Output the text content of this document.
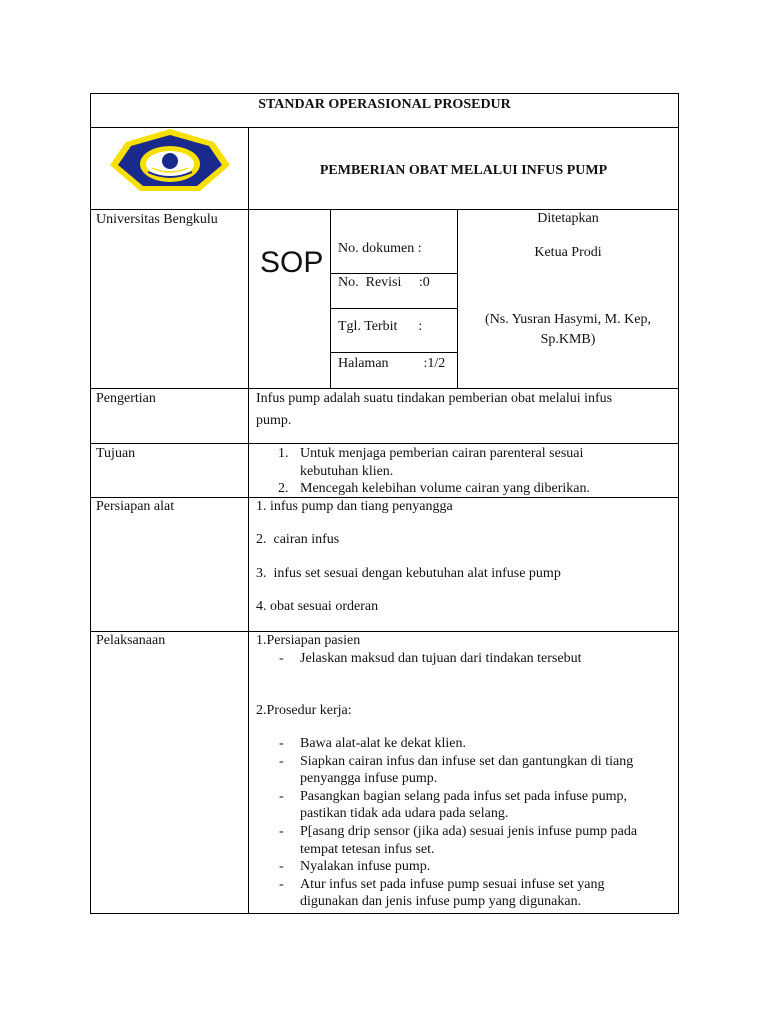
STANDAR OPERASIONAL PROSEDUR
PEMBERIAN OBAT MELALUI INFUS PUMP
Universitas Bengkulu
SOP No. dokumen :
No.  Revisi     :0
Tgl. Terbit      :
Halaman          :1/2
Ditetapkan
Ketua Prodi
(Ns. Yusran Hasymi, M. Kep,
Sp.KMB)
Pengertian	Infus pump adalah suatu tindakan pemberian obat melalui infus
pump.
Tujuan	1. Untuk menjaga pemberian cairan parenteral sesuai
kebutuhan klien.
2. Mencegah kelebihan volume cairan yang diberikan.
Persiapan alat	1. infus pump dan tiang penyangga
2.  cairan infus
3.  infus set sesuai dengan kebutuhan alat infuse pump
4. obat sesuai orderan
Pelaksanaan	1.Persiapan pasien
-	Jelaskan maksud dan tujuan dari tindakan tersebut
2.Prosedur kerja:
-	Bawa alat-alat ke dekat klien.
-	Siapkan cairan infus dan infuse set dan gantungkan di tiang
penyangga infuse pump.
-	Pasangkan bagian selang pada infus set pada infuse pump,
pastikan tidak ada udara pada selang.
-	P[asang drip sensor (jika ada) sesuai jenis infuse pump pada
tempat tetesan infus set.
-	Nyalakan infuse pump.
-	Atur infus set pada infuse pump sesuai infuse set yang
digunakan dan jenis infuse pump yang digunakan.
